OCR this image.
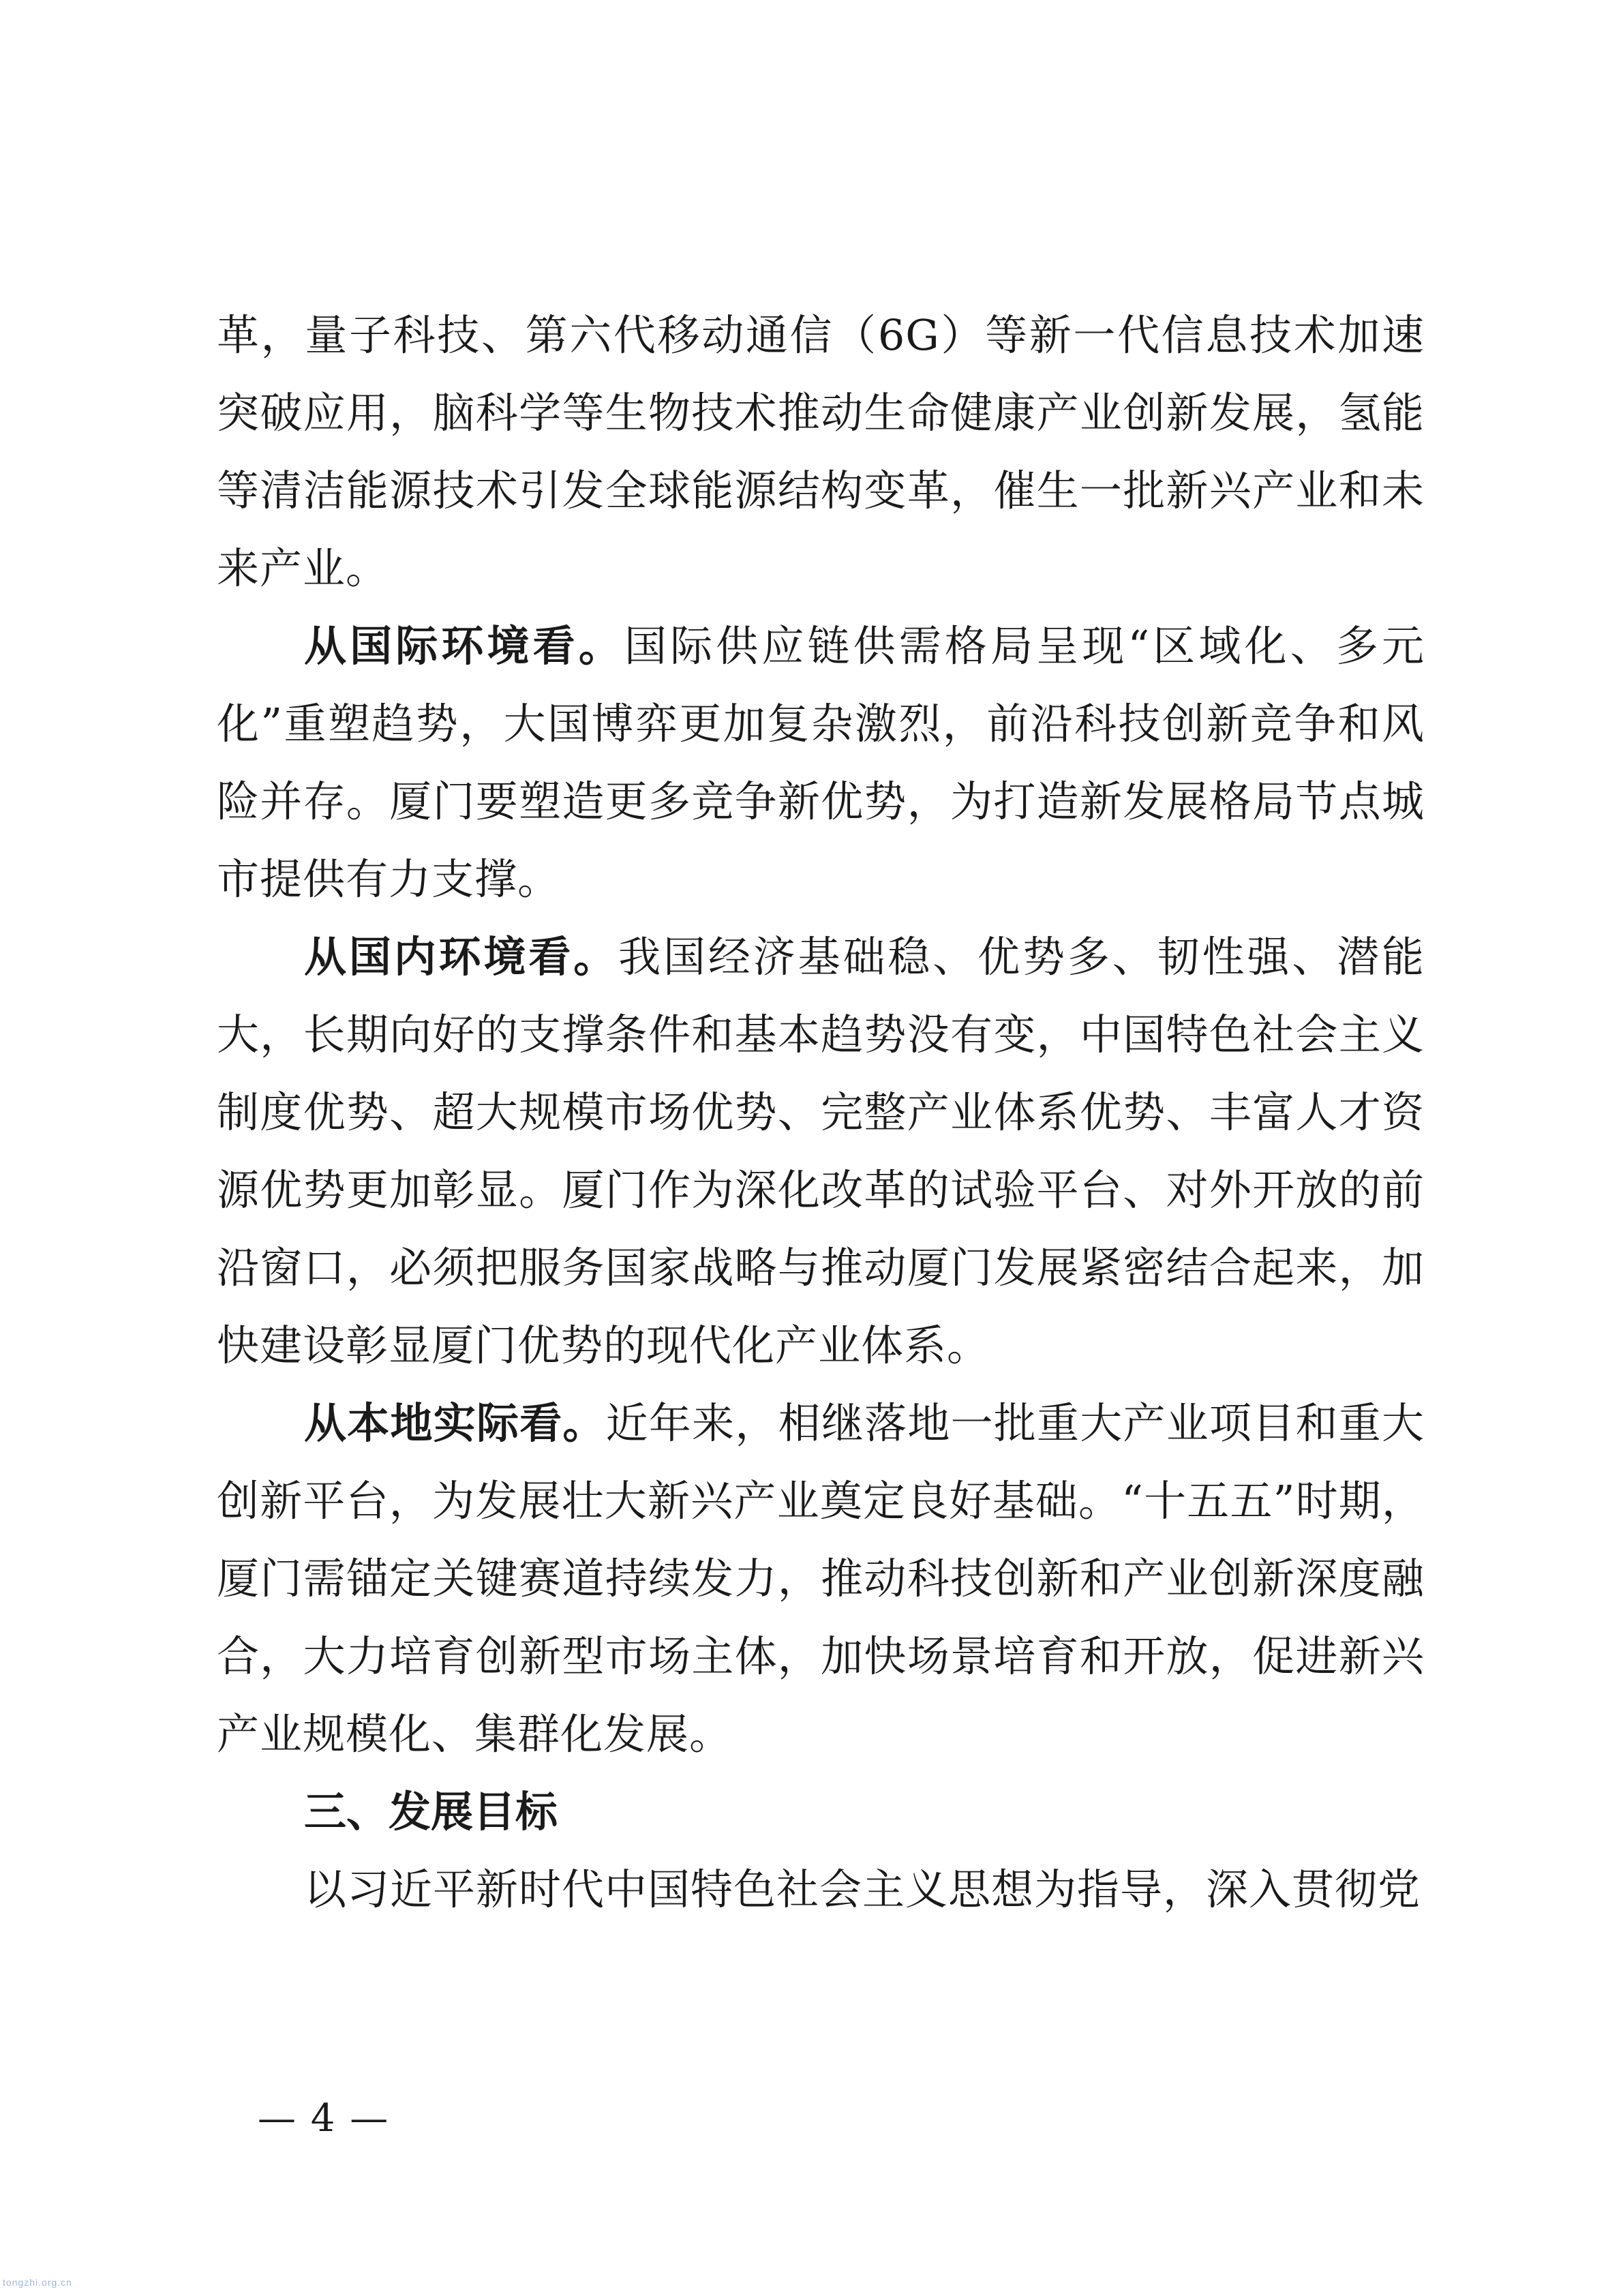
革，量子科技、第六代移动通信（6G）等新一代信息技术加速突破应用，脑科学等生物技术推动生命健康产业创新发展，氢能等清洁能源技术引发全球能源结构变革，催生一批新兴产业和未来产业。

从国际环境看。国际供应链供需格局呈现“区域化、多元化”重塑趋势，大国博弈更加复杂激烈，前沿科技创新竞争和风险并存。厦门要塑造更多竞争新优势，为打造新发展格局节点城市提供有力支撑。

从国内环境看。我国经济基础稳、优势多、韧性强、潜能大，长期向好的支撑条件和基本趋势没有变，中国特色社会主义制度优势、超大规模市场优势、完整产业体系优势、丰富人才资源优势更加彰显。厦门作为深化改革的试验平台、对外开放的前沿窗口，必须把服务国家战略与推动厦门发展紧密结合起来，加快建设彰显厦门优势的现代化产业体系。

从本地实际看。近年来，相继落地一批重大产业项目和重大创新平台，为发展壮大新兴产业奠定良好基础。“十五五”时期，厦门需锚定关键赛道持续发力，推动科技创新和产业创新深度融合，大力培育创新型市场主体，加快场景培育和开放，促进新兴产业规模化、集群化发展。

三、发展目标

以习近平新时代中国特色社会主义思想为指导，深入贯彻党

— 4 —
tongzhi.org.cn
